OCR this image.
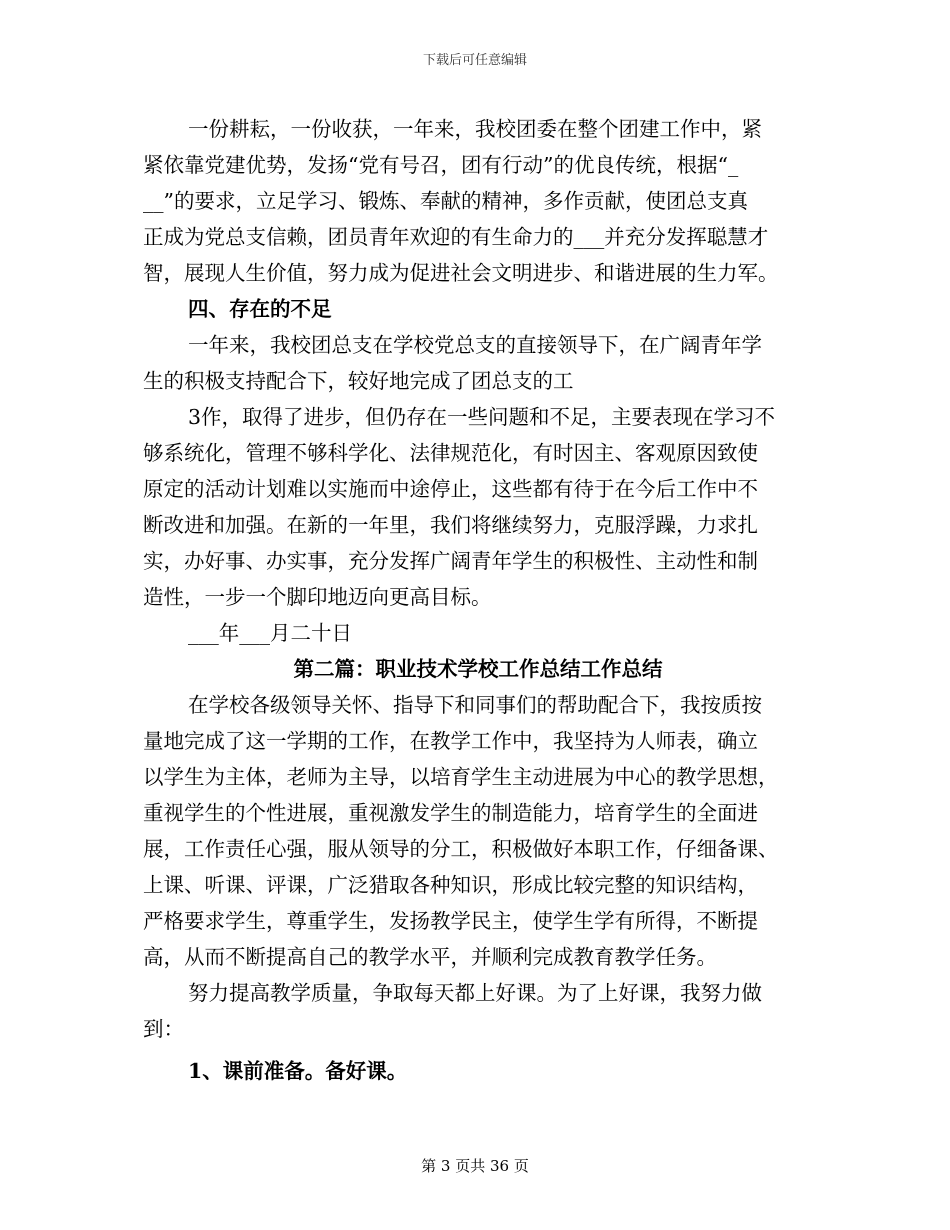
下载后可任意编辑
一份耕耘，一份收获，一年来，我校团委在整个团建工作中，紧
紧依靠党建优势，发扬“党有号召，团有行动”的优良传统，根据“_
__”的要求，立足学习、锻炼、奉献的精神，多作贡献，使团总支真
正成为党总支信赖，团员青年欢迎的有生命力的___并充分发挥聪慧才
智，展现人生价值，努力成为促进社会文明进步、和谐进展的生力军。
四、存在的不足
一年来，我校团总支在学校党总支的直接领导下，在广阔青年学
生的积极支持配合下，较好地完成了团总支的工
3作，取得了进步，但仍存在一些问题和不足，主要表现在学习不
够系统化，管理不够科学化、法律规范化，有时因主、客观原因致使
原定的活动计划难以实施而中途停止，这些都有待于在今后工作中不
断改进和加强。在新的一年里，我们将继续努力，克服浮躁，力求扎
实，办好事、办实事，充分发挥广阔青年学生的积极性、主动性和制
造性，一步一个脚印地迈向更高目标。
___年___月二十日
第二篇：职业技术学校工作总结工作总结
在学校各级领导关怀、指导下和同事们的帮助配合下，我按质按
量地完成了这一学期的工作，在教学工作中，我坚持为人师表，确立
以学生为主体，老师为主导，以培育学生主动进展为中心的教学思想，
重视学生的个性进展，重视激发学生的制造能力，培育学生的全面进
展，工作责任心强，服从领导的分工，积极做好本职工作，仔细备课、
上课、听课、评课，广泛猎取各种知识，形成比较完整的知识结构，
严格要求学生，尊重学生，发扬教学民主，使学生学有所得，不断提
高，从而不断提高自己的教学水平，并顺利完成教育教学任务。
努力提高教学质量，争取每天都上好课。为了上好课，我努力做
到：
1、课前准备。备好课。
第 3 页共 36 页
